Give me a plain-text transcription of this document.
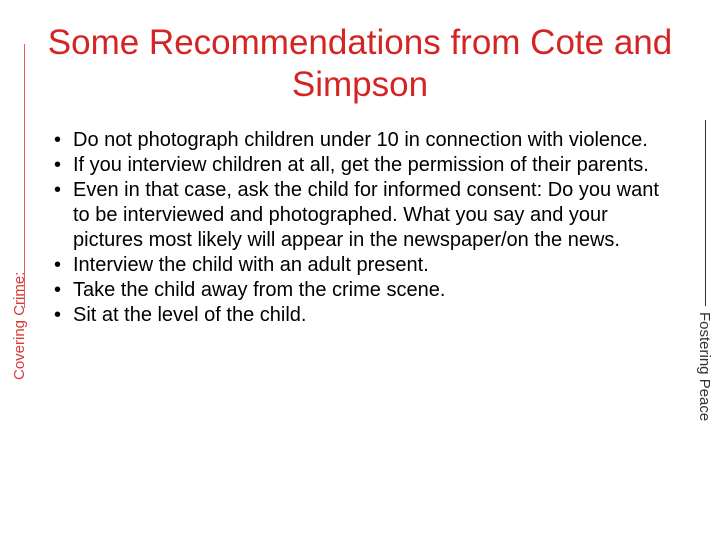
Covering Crime:	Fostering Peace
Some Recommendations from Cote and Simpson
• Do not photograph children under 10 in connection with violence.
• If you interview children at all, get the permission of their parents.
• Even in that case, ask the child for informed consent: Do you want to be interviewed and photographed. What you say and your pictures most likely will appear in the newspaper/on the news.
• Interview the child with an adult present.
• Take the child away from the crime scene.
• Sit at the level of the child.
